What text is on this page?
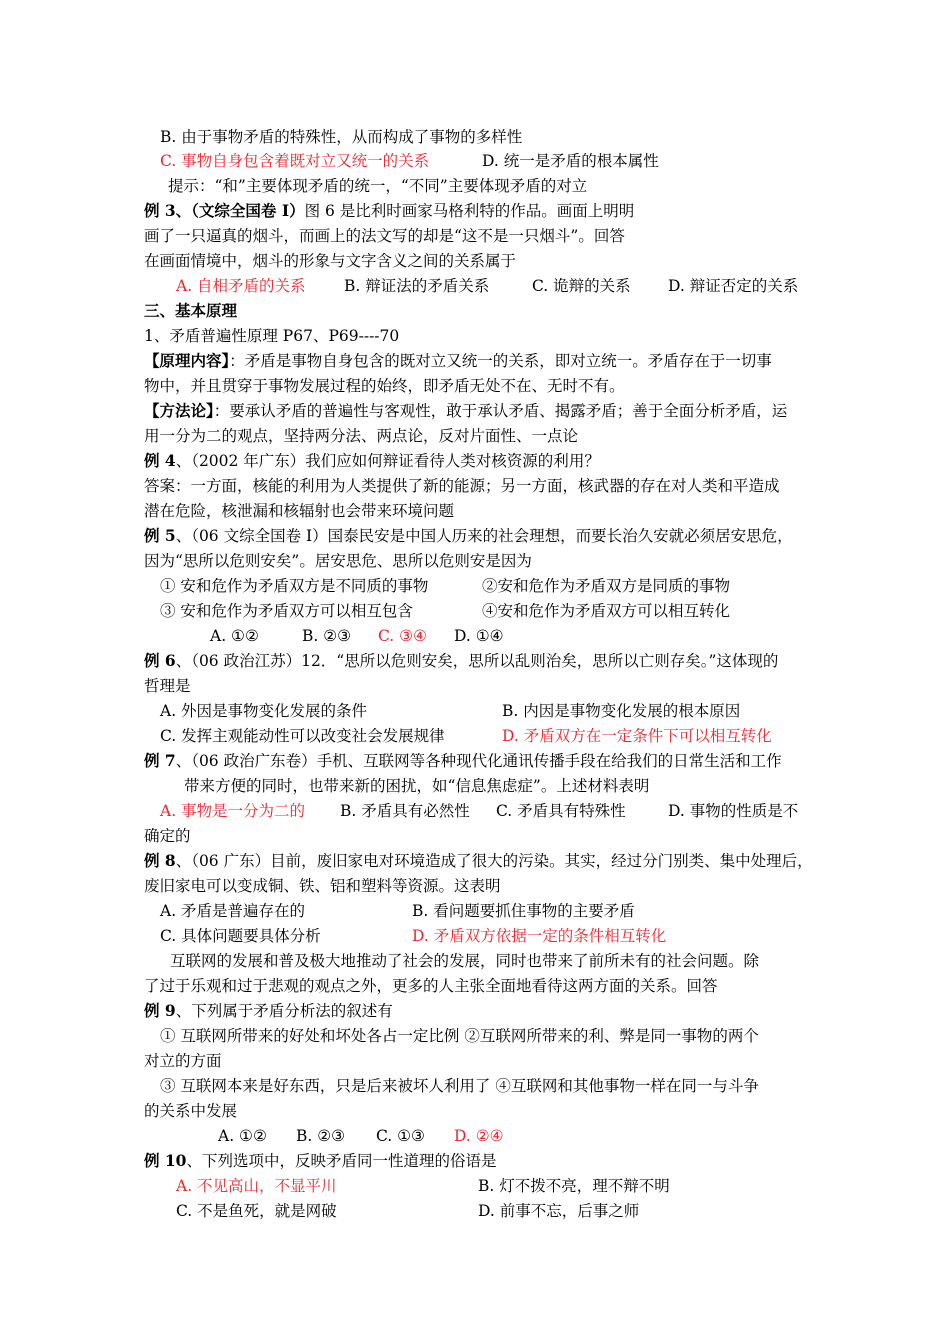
B. 由于事物矛盾的特殊性，从而构成了事物的多样性
C. 事物自身包含着既对立又统一的关系	D. 统一是矛盾的根本属性
提示：“和”主要体现矛盾的统一，“不同”主要体现矛盾的对立
例 3、（文综全国卷 I）图 6 是比利时画家马格利特的作品。画面上明明
画了一只逼真的烟斗，而画上的法文写的却是“这不是一只烟斗”。回答
在画面情境中，烟斗的形象与文字含义之间的关系属于
A. 自相矛盾的关系 B. 辩证法的矛盾关系	C. 诡辩的关系 D. 辩证否定的关系
三、基本原理
1、矛盾普遍性原理 P67、P69----70
【原理内容】：矛盾是事物自身包含的既对立又统一的关系，即对立统一。矛盾存在于一切事
物中，并且贯穿于事物发展过程的始终，即矛盾无处不在、无时不有。
【方法论】：要承认矛盾的普遍性与客观性，敢于承认矛盾、揭露矛盾；善于全面分析矛盾，运
用一分为二的观点，坚持两分法、两点论，反对片面性、一点论
例 4、（2002 年广东）我们应如何辩证看待人类对核资源的利用？
答案：一方面，核能的利用为人类提供了新的能源；另一方面，核武器的存在对人类和平造成
潜在危险，核泄漏和核辐射也会带来环境问题
例 5、（06 文综全国卷 I）国泰民安是中国人历来的社会理想，而要长治久安就必须居安思危，
因为“思所以危则安矣”。居安思危、思所以危则安是因为
① 安和危作为矛盾双方是不同质的事物	②安和危作为矛盾双方是同质的事物
③ 安和危作为矛盾双方可以相互包含	④安和危作为矛盾双方可以相互转化
A. ①②	B. ②③ C. ③④ D. ①④
例 6、（06 政治江苏）12．“思所以危则安矣，思所以乱则治矣，思所以亡则存矣。”这体现的
哲理是
A. 外因是事物变化发展的条件	B. 内因是事物变化发展的根本原因
C. 发挥主观能动性可以改变社会发展规律	D. 矛盾双方在一定条件下可以相互转化
例 7、（06 政治广东卷）手机、互联网等各种现代化通讯传播手段在给我们的日常生活和工作
带来方便的同时，也带来新的困扰，如“信息焦虑症”。上述材料表明
A. 事物是一分为二的 B. 矛盾具有必然性 C. 矛盾具有特殊性	D. 事物的性质是不
确定的
例 8、（06 广东）目前，废旧家电对环境造成了很大的污染。其实，经过分门别类、集中处理后，
废旧家电可以变成铜、铁、铝和塑料等资源。这表明
A. 矛盾是普遍存在的	B. 看问题要抓住事物的主要矛盾
C. 具体问题要具体分析	D. 矛盾双方依据一定的条件相互转化
互联网的发展和普及极大地推动了社会的发展，同时也带来了前所未有的社会问题。除
了过于乐观和过于悲观的观点之外，更多的人主张全面地看待这两方面的关系。回答
例 9、下列属于矛盾分析法的叙述有
① 互联网所带来的好处和坏处各占一定比例 ②互联网所带来的利、弊是同一事物的两个
对立的方面
③ 互联网本来是好东西，只是后来被坏人利用了 ④互联网和其他事物一样在同一与斗争
的关系中发展
A. ①② B. ②③ C. ①③ D. ②④
例 10、下列选项中，反映矛盾同一性道理的俗语是
A. 不见高山，不显平川	B. 灯不拨不亮，理不辩不明
C. 不是鱼死，就是网破	D. 前事不忘，后事之师
